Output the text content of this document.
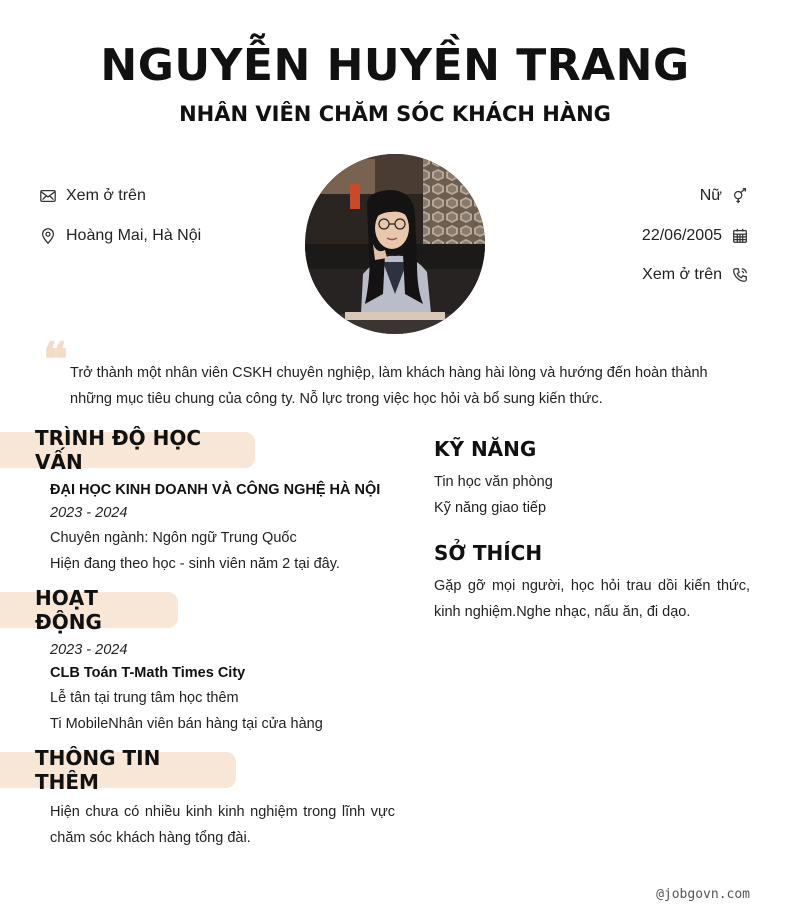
NGUYỄN HUYỀN TRANG
NHÂN VIÊN CHĂM SÓC KHÁCH HÀNG
Xem ở trên
Hoàng Mai, Hà Nội
Nữ
22/06/2005
Xem ở trên
❝ Trở thành một nhân viên CSKH chuyên nghiệp, làm khách hàng hài lòng và hướng đến hoàn thành những mục tiêu chung của công ty. Nỗ lực trong việc học hỏi và bổ sung kiến thức.
TRÌNH ĐỘ HỌC VẤN
ĐẠI HỌC KINH DOANH VÀ CÔNG NGHỆ HÀ NỘI
2023 - 2024
Chuyên ngành: Ngôn ngữ Trung Quốc
Hiện đang theo học - sinh viên năm 2 tại đây.
HOẠT ĐỘNG
2023 - 2024
CLB Toán T-Math Times City
Lễ tân tại trung tâm học thêm
Ti MobileNhân viên bán hàng tại cửa hàng
THÔNG TIN THÊM
Hiện chưa có nhiều kinh kinh nghiệm trong lĩnh vực chăm sóc khách hàng tổng đài.
KỸ NĂNG
Tin học văn phòng
Kỹ năng giao tiếp
SỞ THÍCH
Gặp gỡ mọi người, học hỏi trau dồi kiến thức, kinh nghiệm.Nghe nhạc, nấu ăn, đi dạo.
@jobgovn.com
